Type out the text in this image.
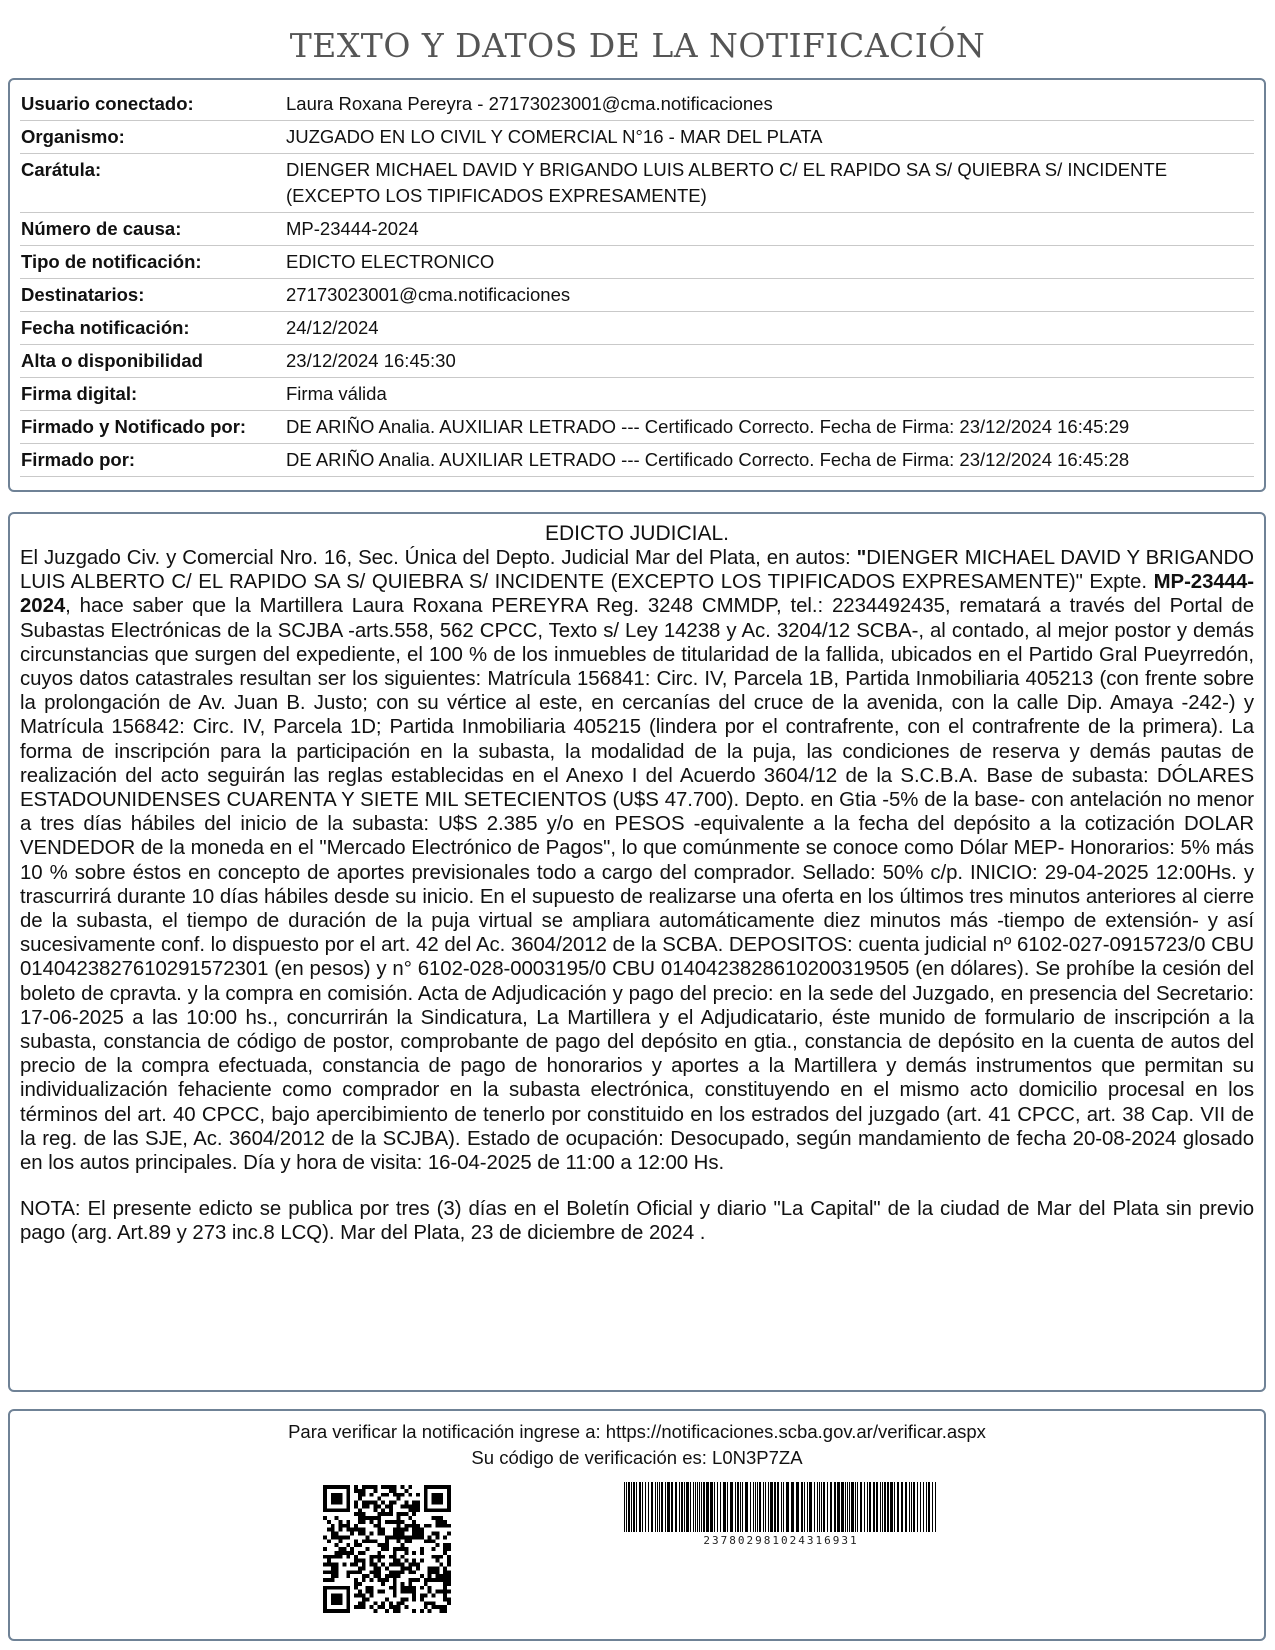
TEXTO Y DATOS DE LA NOTIFICACIÓN
Usuario conectado:	Laura Roxana Pereyra - 27173023001@cma.notificaciones
Organismo:	JUZGADO EN LO CIVIL Y COMERCIAL N°16 - MAR DEL PLATA
Carátula:	DIENGER MICHAEL DAVID Y BRIGANDO LUIS ALBERTO C/ EL RAPIDO SA S/ QUIEBRA S/ INCIDENTE (EXCEPTO LOS TIPIFICADOS EXPRESAMENTE)
Número de causa:	MP-23444-2024
Tipo de notificación:	EDICTO ELECTRONICO
Destinatarios:	27173023001@cma.notificaciones
Fecha notificación:	24/12/2024
Alta o disponibilidad	23/12/2024 16:45:30
Firma digital:	Firma válida
Firmado y Notificado por:	DE ARIÑO Analia. AUXILIAR LETRADO --- Certificado Correcto. Fecha de Firma: 23/12/2024 16:45:29
Firmado por:	DE ARIÑO Analia. AUXILIAR LETRADO --- Certificado Correcto. Fecha de Firma: 23/12/2024 16:45:28
EDICTO JUDICIAL.
El Juzgado Civ. y Comercial Nro. 16, Sec. Única del Depto. Judicial Mar del Plata, en autos: "DIENGER MICHAEL DAVID Y BRIGANDO LUIS ALBERTO C/ EL RAPIDO SA S/ QUIEBRA S/ INCIDENTE (EXCEPTO LOS TIPIFICADOS EXPRESAMENTE)" Expte. MP-23444-2024, hace saber que la Martillera Laura Roxana PEREYRA Reg. 3248 CMMDP, tel.: 2234492435, rematará a través del Portal de Subastas Electrónicas de la SCJBA -arts.558, 562 CPCC, Texto s/ Ley 14238 y Ac. 3204/12 SCBA-, al contado, al mejor postor y demás circunstancias que surgen del expediente, el 100 % de los inmuebles de titularidad de la fallida, ubicados en el Partido Gral Pueyrredón, cuyos datos catastrales resultan ser los siguientes: Matrícula 156841: Circ. IV, Parcela 1B, Partida Inmobiliaria 405213 (con frente sobre la prolongación de Av. Juan B. Justo; con su vértice al este, en cercanías del cruce de la avenida, con la calle Dip. Amaya -242-) y Matrícula 156842: Circ. IV, Parcela 1D; Partida Inmobiliaria 405215 (lindera por el contrafrente, con el contrafrente de la primera). La forma de inscripción para la participación en la subasta, la modalidad de la puja, las condiciones de reserva y demás pautas de realización del acto seguirán las reglas establecidas en el Anexo I del Acuerdo 3604/12 de la S.C.B.A. Base de subasta: DÓLARES ESTADOUNIDENSES CUARENTA Y SIETE MIL SETECIENTOS (U$S 47.700). Depto. en Gtia -5% de la base- con antelación no menor a tres días hábiles del inicio de la subasta: U$S 2.385 y/o en PESOS -equivalente a la fecha del depósito a la cotización DOLAR VENDEDOR de la moneda en el "Mercado Electrónico de Pagos", lo que comúnmente se conoce como Dólar MEP- Honorarios: 5% más 10 % sobre éstos en concepto de aportes previsionales todo a cargo del comprador. Sellado: 50% c/p. INICIO: 29-04-2025 12:00Hs. y trascurrirá durante 10 días hábiles desde su inicio. En el supuesto de realizarse una oferta en los últimos tres minutos anteriores al cierre de la subasta, el tiempo de duración de la puja virtual se ampliara automáticamente diez minutos más -tiempo de extensión- y así sucesivamente conf. lo dispuesto por el art. 42 del Ac. 3604/2012 de la SCBA. DEPOSITOS: cuenta judicial nº 6102-027-0915723/0 CBU 0140423827610291572301 (en pesos) y n° 6102-028-0003195/0 CBU 0140423828610200319505 (en dólares). Se prohíbe la cesión del boleto de cpravta. y la compra en comisión. Acta de Adjudicación y pago del precio: en la sede del Juzgado, en presencia del Secretario: 17-06-2025 a las 10:00 hs., concurrirán la Sindicatura, La Martillera y el Adjudicatario, éste munido de formulario de inscripción a la subasta, constancia de código de postor, comprobante de pago del depósito en gtia., constancia de depósito en la cuenta de autos del precio de la compra efectuada, constancia de pago de honorarios y aportes a la Martillera y demás instrumentos que permitan su individualización fehaciente como comprador en la subasta electrónica, constituyendo en el mismo acto domicilio procesal en los términos del art. 40 CPCC, bajo apercibimiento de tenerlo por constituido en los estrados del juzgado (art. 41 CPCC, art. 38 Cap. VII de la reg. de las SJE, Ac. 3604/2012 de la SCJBA). Estado de ocupación: Desocupado, según mandamiento de fecha 20-08-2024 glosado en los autos principales. Día y hora de visita: 16-04-2025 de 11:00 a 12:00 Hs.
NOTA: El presente edicto se publica por tres (3) días en el Boletín Oficial y diario "La Capital" de la ciudad de Mar del Plata sin previo pago (arg. Art.89 y 273 inc.8 LCQ). Mar del Plata, 23 de diciembre de 2024 .
Para verificar la notificación ingrese a: https://notificaciones.scba.gov.ar/verificar.aspx
Su código de verificación es: L0N3P7ZA
237802981024316931
